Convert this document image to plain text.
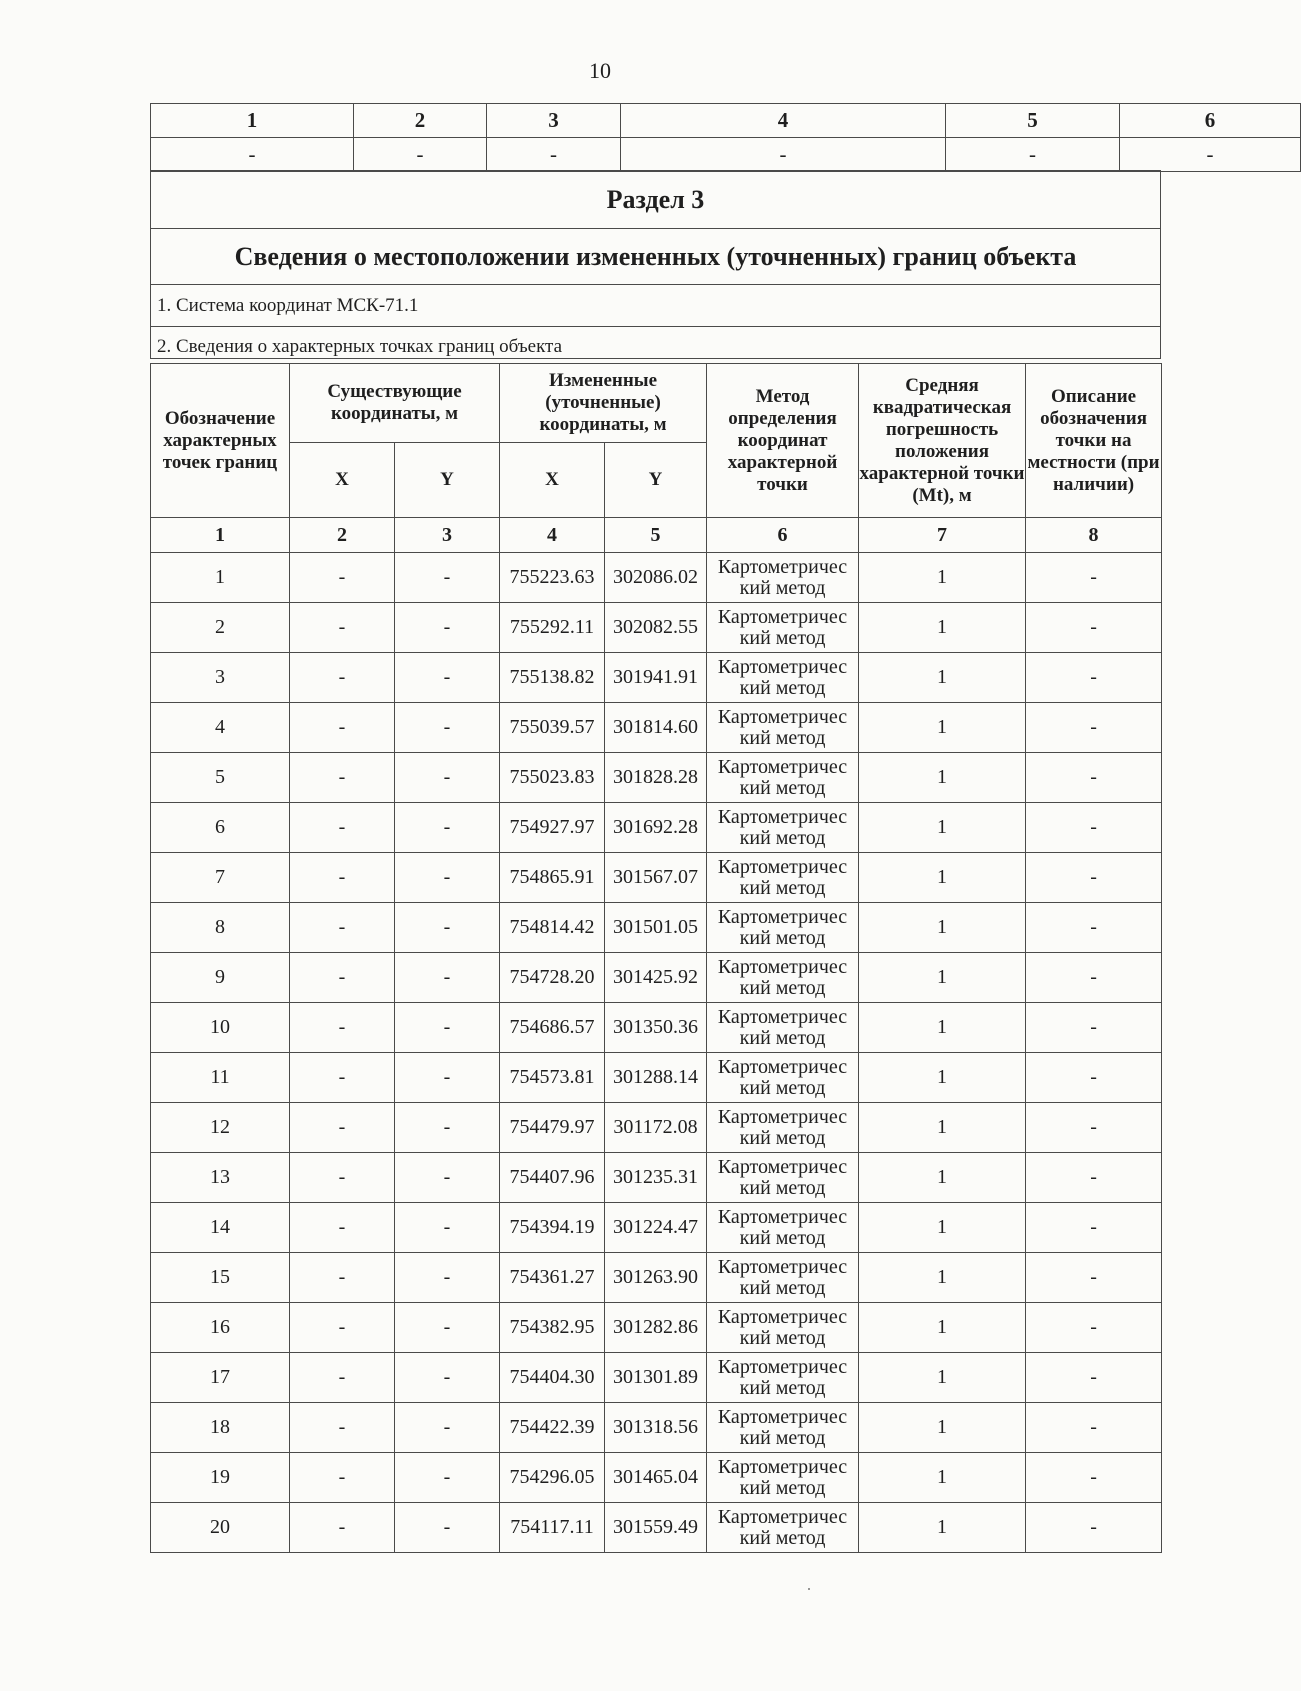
10
1	2	3	4	5	6
-	-	-	-	-	-
Раздел 3
Сведения о местоположении измененных (уточненных) границ объекта
1. Система координат МСК-71.1
2. Сведения о характерных точках границ объекта
Обозначение характерных точек границ	Существующие координаты, м		Измененные (уточненные) координаты, м		Метод определения координат характерной точки	Средняя квадратическая погрешность положения характерной точки (Mt), м	Описание обозначения точки на местности (при наличии)
	X	Y	X	Y			
1	2	3	4	5	6	7	8
1	-	-	755223.63	302086.02	Картометричес кий метод	1	-
2	-	-	755292.11	302082.55	Картометричес кий метод	1	-
3	-	-	755138.82	301941.91	Картометричес кий метод	1	-
4	-	-	755039.57	301814.60	Картометричес кий метод	1	-
5	-	-	755023.83	301828.28	Картометричес кий метод	1	-
6	-	-	754927.97	301692.28	Картометричес кий метод	1	-
7	-	-	754865.91	301567.07	Картометричес кий метод	1	-
8	-	-	754814.42	301501.05	Картометричес кий метод	1	-
9	-	-	754728.20	301425.92	Картометричес кий метод	1	-
10	-	-	754686.57	301350.36	Картометричес кий метод	1	-
11	-	-	754573.81	301288.14	Картометричес кий метод	1	-
12	-	-	754479.97	301172.08	Картометричес кий метод	1	-
13	-	-	754407.96	301235.31	Картометричес кий метод	1	-
14	-	-	754394.19	301224.47	Картометричес кий метод	1	-
15	-	-	754361.27	301263.90	Картометричес кий метод	1	-
16	-	-	754382.95	301282.86	Картометричес кий метод	1	-
17	-	-	754404.30	301301.89	Картометричес кий метод	1	-
18	-	-	754422.39	301318.56	Картометричес кий метод	1	-
19	-	-	754296.05	301465.04	Картометричес кий метод	1	-
20	-	-	754117.11	301559.49	Картометричес кий метод	1	-
